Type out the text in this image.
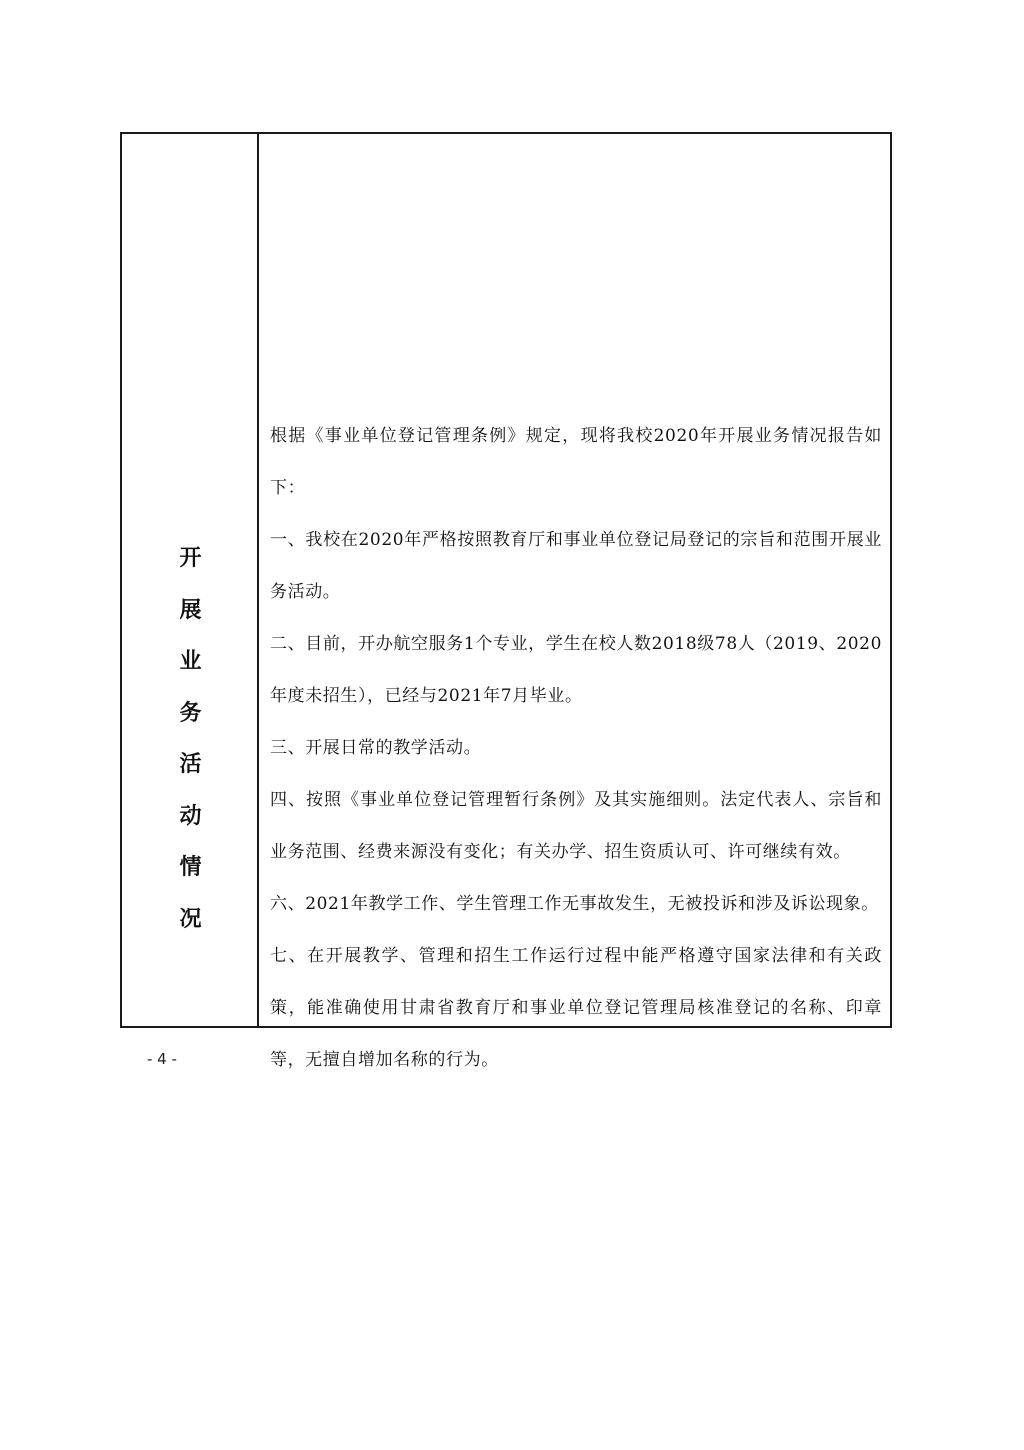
开
展
业
务
活
动
情
况

根据《事业单位登记管理条例》规定，现将我校2020年开展业务情况报告如下：

一、我校在2020年严格按照教育厅和事业单位登记局登记的宗旨和范围开展业务活动。

二、目前，开办航空服务1个专业，学生在校人数2018级78人（2019、2020年度未招生），已经与2021年7月毕业。

三、开展日常的教学活动。

四、按照《事业单位登记管理暂行条例》及其实施细则。法定代表人、宗旨和业务范围、经费来源没有变化；有关办学、招生资质认可、许可继续有效。

六、2021年教学工作、学生管理工作无事故发生，无被投诉和涉及诉讼现象。

七、在开展教学、管理和招生工作运行过程中能严格遵守国家法律和有关政策，能准确使用甘肃省教育厅和事业单位登记管理局核准登记的名称、印章等，无擅自增加名称的行为。

- 4 -
